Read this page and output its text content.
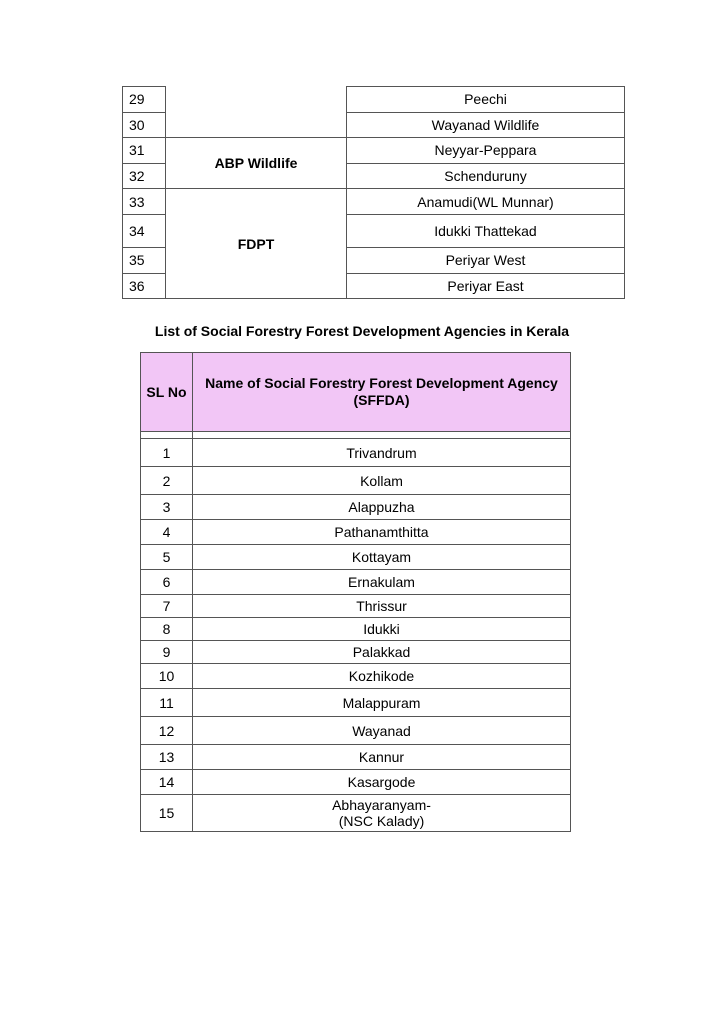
29		Peechi
30		Wayanad Wildlife
31	ABP Wildlife	Neyyar-Peppara
32		Schenduruny
33	FDPT	Anamudi(WL Munnar)
34		Idukki Thattekad
35		Periyar West
36		Periyar East
List of Social Forestry Forest Development Agencies in Kerala
SL No	Name of Social Forestry Forest Development Agency (SFFDA)

1	Trivandrum
2	Kollam
3	Alappuzha
4	Pathanamthitta
5	Kottayam
6	Ernakulam
7	Thrissur
8	Idukki
9	Palakkad
10	Kozhikode
11	Malappuram
12	Wayanad
13	Kannur
14	Kasargode
15	Abhayaranyam-
(NSC Kalady)
